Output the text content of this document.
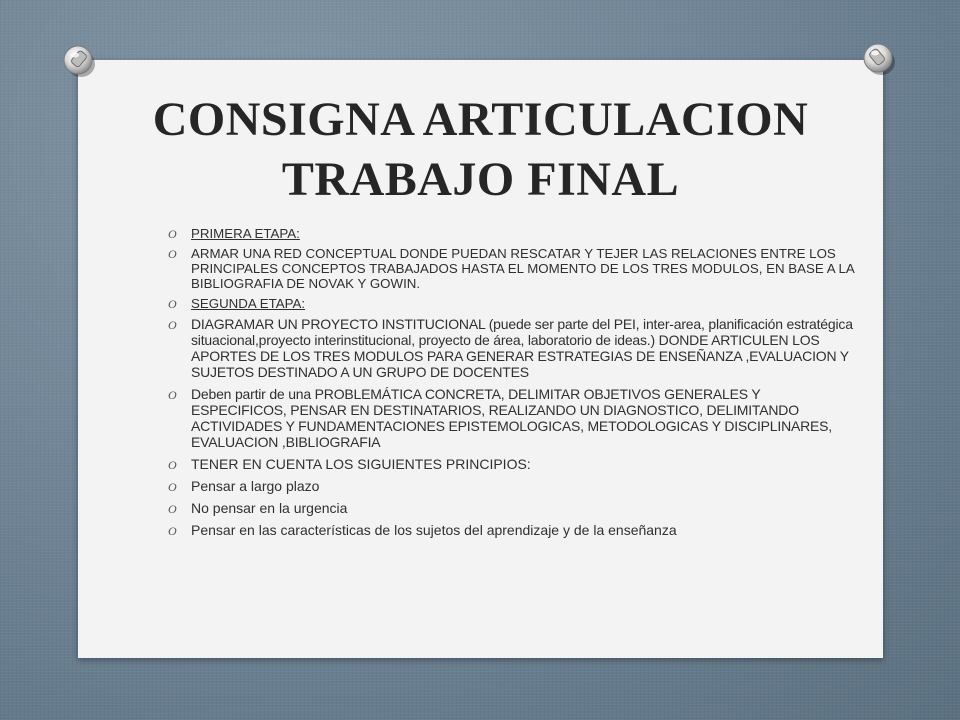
CONSIGNA ARTICULACION
TRABAJO FINAL
O PRIMERA ETAPA:
O ARMAR UNA RED CONCEPTUAL DONDE PUEDAN RESCATAR Y TEJER LAS RELACIONES ENTRE LOS PRINCIPALES CONCEPTOS TRABAJADOS HASTA EL MOMENTO DE LOS TRES MODULOS, EN BASE A LA BIBLIOGRAFIA DE NOVAK Y GOWIN.
O SEGUNDA ETAPA:
O DIAGRAMAR UN PROYECTO INSTITUCIONAL (puede ser parte del PEI, inter-area, planificación estratégica situacional,proyecto interinstitucional, proyecto de área, laboratorio de ideas.) DONDE ARTICULEN LOS APORTES DE LOS TRES MODULOS PARA GENERAR ESTRATEGIAS DE ENSEÑANZA ,EVALUACION Y SUJETOS DESTINADO A UN GRUPO DE DOCENTES
O Deben partir de una PROBLEMÁTICA CONCRETA, DELIMITAR OBJETIVOS GENERALES Y ESPECIFICOS, PENSAR EN DESTINATARIOS, REALIZANDO UN DIAGNOSTICO, DELIMITANDO ACTIVIDADES Y FUNDAMENTACIONES EPISTEMOLOGICAS, METODOLOGICAS Y DISCIPLINARES, EVALUACION ,BIBLIOGRAFIA
O TENER EN CUENTA LOS SIGUIENTES PRINCIPIOS:
O Pensar a largo plazo
O No pensar en la urgencia
O Pensar en las características de los sujetos del aprendizaje y de la enseñanza
